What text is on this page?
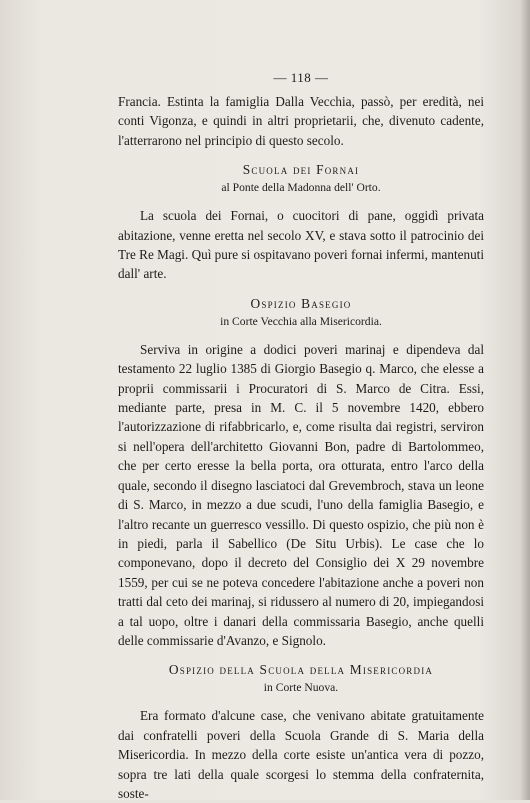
— 118 —

Francia. Estinta la famiglia Dalla Vecchia, passò, per eredità, nei conti Vigonza, e quindi in altri proprietarii, che, divenuto cadente, l'atterrarono nel principio di questo secolo.

Scuola dei Fornai
al Ponte della Madonna dell' Orto.

La scuola dei Fornai, o cuocitori di pane, oggidì privata abitazione, venne eretta nel secolo XV, e stava sotto il patrocinio dei Tre Re Magi. Quì pure si ospitavano poveri fornai infermi, mantenuti dall' arte.

Ospizio Basegio
in Corte Vecchia alla Misericordia.

Serviva in origine a dodici poveri marinaj e dipendeva dal testamento 22 luglio 1385 di Giorgio Basegio q. Marco, che elesse a proprii commissarii i Procuratori di S. Marco de Citra. Essi, mediante parte, presa in M. C. il 5 novembre 1420, ebbero l'autorizzazione di rifabbricarlo, e, come risulta dai registri, serviron si nell'opera dell'architetto Giovanni Bon, padre di Bartolommeo, che per certo eresse la bella porta, ora otturata, entro l'arco della quale, secondo il disegno lasciatoci dal Grevembroch, stava un leone di S. Marco, in mezzo a due scudi, l'uno della famiglia Basegio, e l'altro recante un guerresco vessillo. Di questo ospizio, che più non è in piedi, parla il Sabellico (De Situ Urbis). Le case che lo componevano, dopo il decreto del Consiglio dei X 29 novembre 1559, per cui se ne poteva concedere l'abitazione anche a poveri non tratti dal ceto dei marinaj, si ridussero al numero di 20, impiegandosi a tal uopo, oltre i danari della commissaria Basegio, anche quelli delle commissarie d'Avanzo, e Signolo.

Ospizio della Scuola della Misericordia
in Corte Nuova.

Era formato d'alcune case, che venivano abitate gratuitamente dai confratelli poveri della Scuola Grande di S. Maria della Misericordia. In mezzo della corte esiste un'antica vera di pozzo, sopra tre lati della quale scorgesi lo stemma della confraternita, soste-
